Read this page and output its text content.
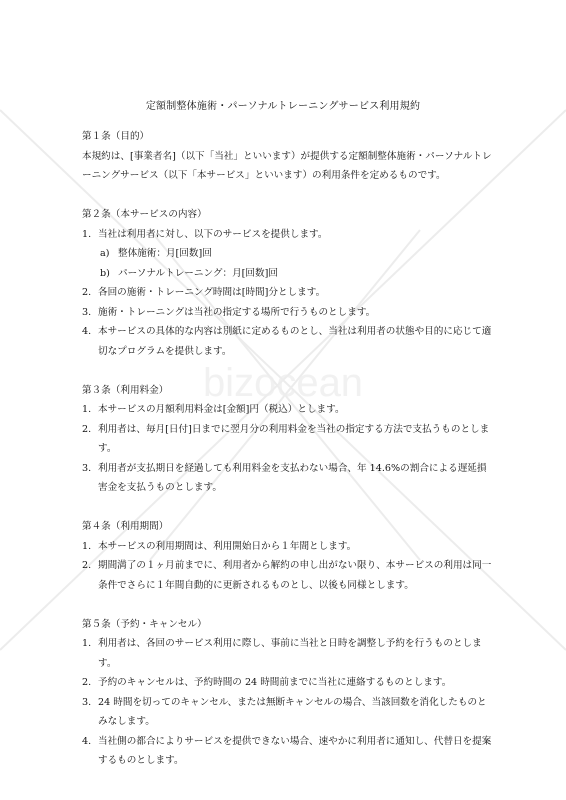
bizocean
定額制整体施術・パーソナルトレーニングサービス利用規約
第１条（目的）
本規約は、[事業者名]（以下「当社」といいます）が提供する定額制整体施術・パーソナルトレーニングサービス（以下「本サービス」といいます）の利用条件を定めるものです。
第２条（本サービスの内容）
1. 当社は利用者に対し、以下のサービスを提供します。
a) 整体施術：月[回数]回
b) パーソナルトレーニング：月[回数]回
2. 各回の施術・トレーニング時間は[時間]分とします。
3. 施術・トレーニングは当社の指定する場所で行うものとします。
4. 本サービスの具体的な内容は別紙に定めるものとし、当社は利用者の状態や目的に応じて適切なプログラムを提供します。
第３条（利用料金）
1. 本サービスの月額利用料金は[金額]円（税込）とします。
2. 利用者は、毎月[日付]日までに翌月分の利用料金を当社の指定する方法で支払うものとします。
3. 利用者が支払期日を経過しても利用料金を支払わない場合、年 14.6%の割合による遅延損害金を支払うものとします。
第４条（利用期間）
1. 本サービスの利用期間は、利用開始日から１年間とします。
2. 期間満了の１ヶ月前までに、利用者から解約の申し出がない限り、本サービスの利用は同一条件でさらに１年間自動的に更新されるものとし、以後も同様とします。
第５条（予約・キャンセル）
1. 利用者は、各回のサービス利用に際し、事前に当社と日時を調整し予約を行うものとします。
2. 予約のキャンセルは、予約時間の 24 時間前までに当社に連絡するものとします。
3. 24 時間を切ってのキャンセル、または無断キャンセルの場合、当該回数を消化したものとみなします。
4. 当社側の都合によりサービスを提供できない場合、速やかに利用者に通知し、代替日を提案するものとします。
